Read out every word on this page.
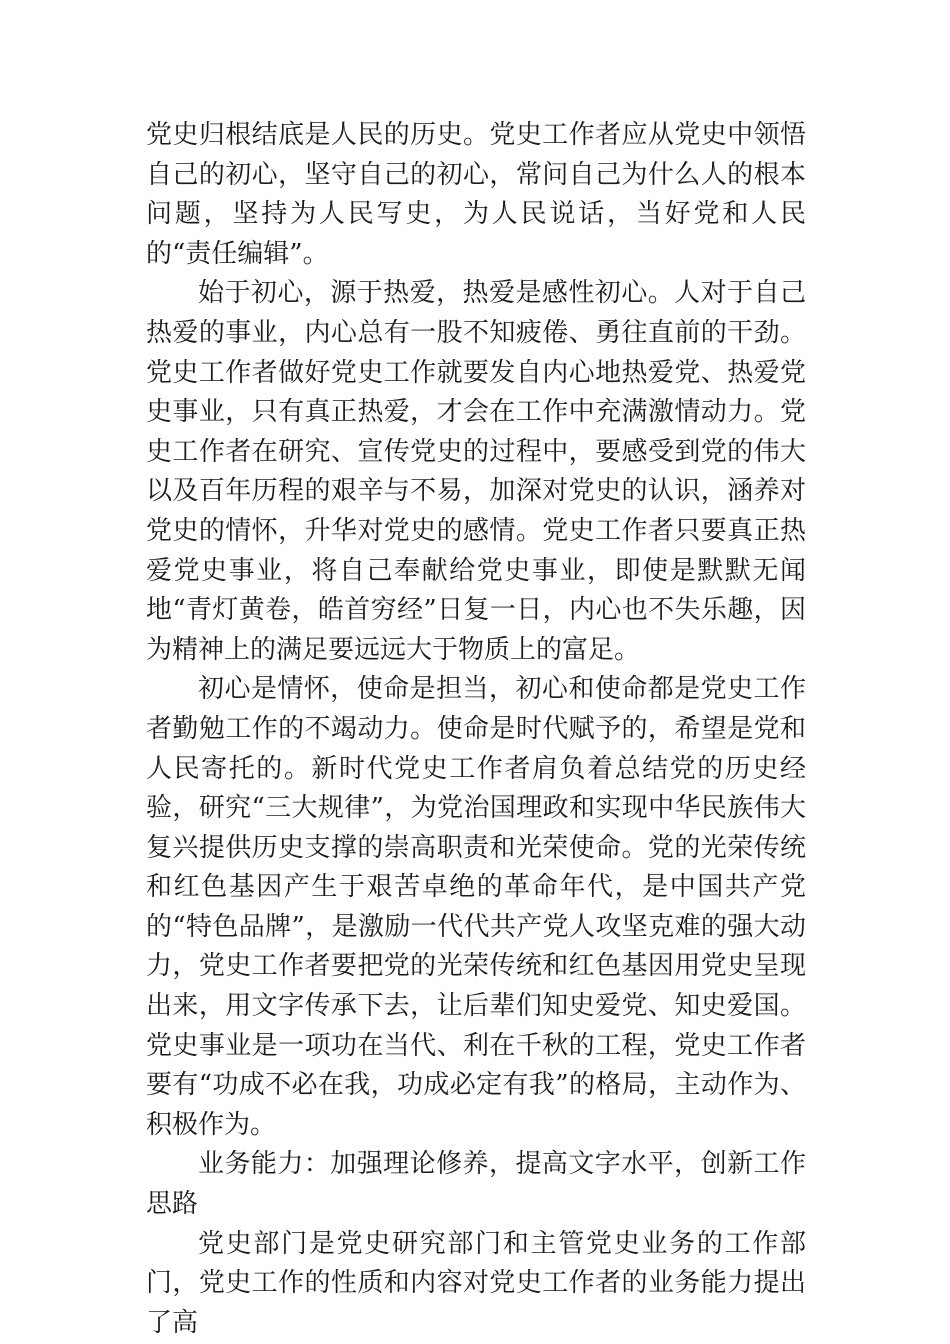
党史归根结底是人民的历史。党史工作者应从党史中领悟自己的初心，坚守自己的初心，常问自己为什么人的根本问题，坚持为人民写史，为人民说话，当好党和人民的“责任编辑”。

始于初心，源于热爱，热爱是感性初心。人对于自己热爱的事业，内心总有一股不知疲倦、勇往直前的干劲。党史工作者做好党史工作就要发自内心地热爱党、热爱党史事业，只有真正热爱，才会在工作中充满激情动力。党史工作者在研究、宣传党史的过程中，要感受到党的伟大以及百年历程的艰辛与不易，加深对党史的认识，涵养对党史的情怀，升华对党史的感情。党史工作者只要真正热爱党史事业，将自己奉献给党史事业，即使是默默无闻地“青灯黄卷，皓首穷经”日复一日，内心也不失乐趣，因为精神上的满足要远远大于物质上的富足。

初心是情怀，使命是担当，初心和使命都是党史工作者勤勉工作的不竭动力。使命是时代赋予的，希望是党和人民寄托的。新时代党史工作者肩负着总结党的历史经验，研究“三大规律”，为党治国理政和实现中华民族伟大复兴提供历史支撑的崇高职责和光荣使命。党的光荣传统和红色基因产生于艰苦卓绝的革命年代，是中国共产党的“特色品牌”，是激励一代代共产党人攻坚克难的强大动力，党史工作者要把党的光荣传统和红色基因用党史呈现出来，用文字传承下去，让后辈们知史爱党、知史爱国。党史事业是一项功在当代、利在千秋的工程，党史工作者要有“功成不必在我，功成必定有我”的格局，主动作为、积极作为。

业务能力：加强理论修养，提高文字水平，创新工作思路

党史部门是党史研究部门和主管党史业务的工作部门，党史工作的性质和内容对党史工作者的业务能力提出了高
